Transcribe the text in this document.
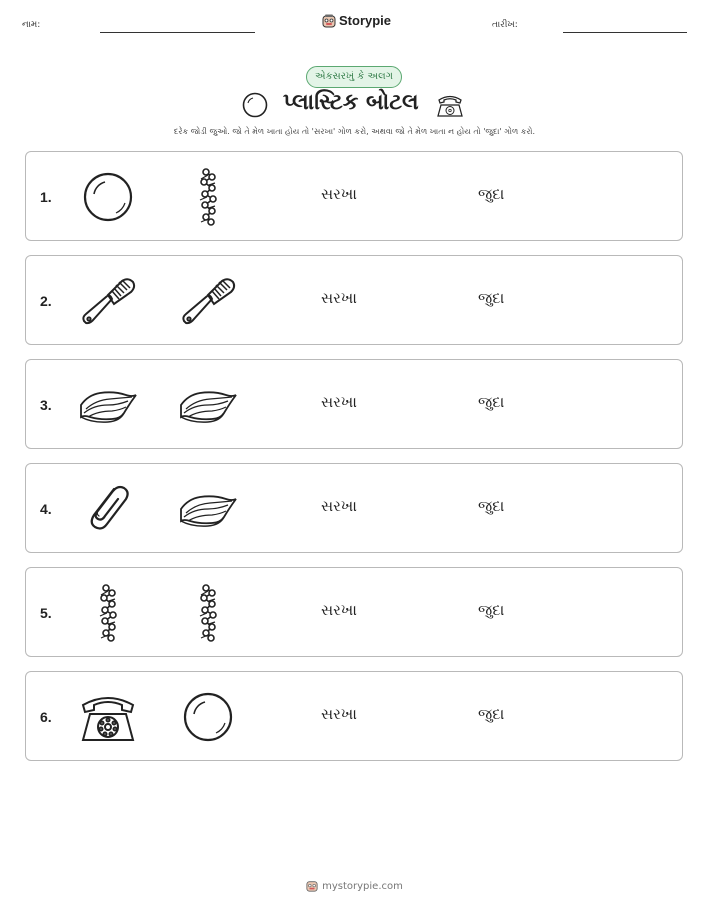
નામ:	Storypie	તારીખ:
એકસરખું કે અલગ
પ્લાસ્ટિક બોટલ
દરેક જોડી જુઓ. જો તે મેળ ખાતા હોય તો 'સરખા' ગોળ કરો, અથવા જો તે મેળ ખાતા ન હોય તો 'જુદા' ગોળ કરો.
1.	સરખા	જુદા
2.	સરખા	જુદા
3.	સરખા	જુદા
4.	સરખા	જુદા
5.	સરખા	જુદા
6.	સરખા	જુદા
mystorypie.com
